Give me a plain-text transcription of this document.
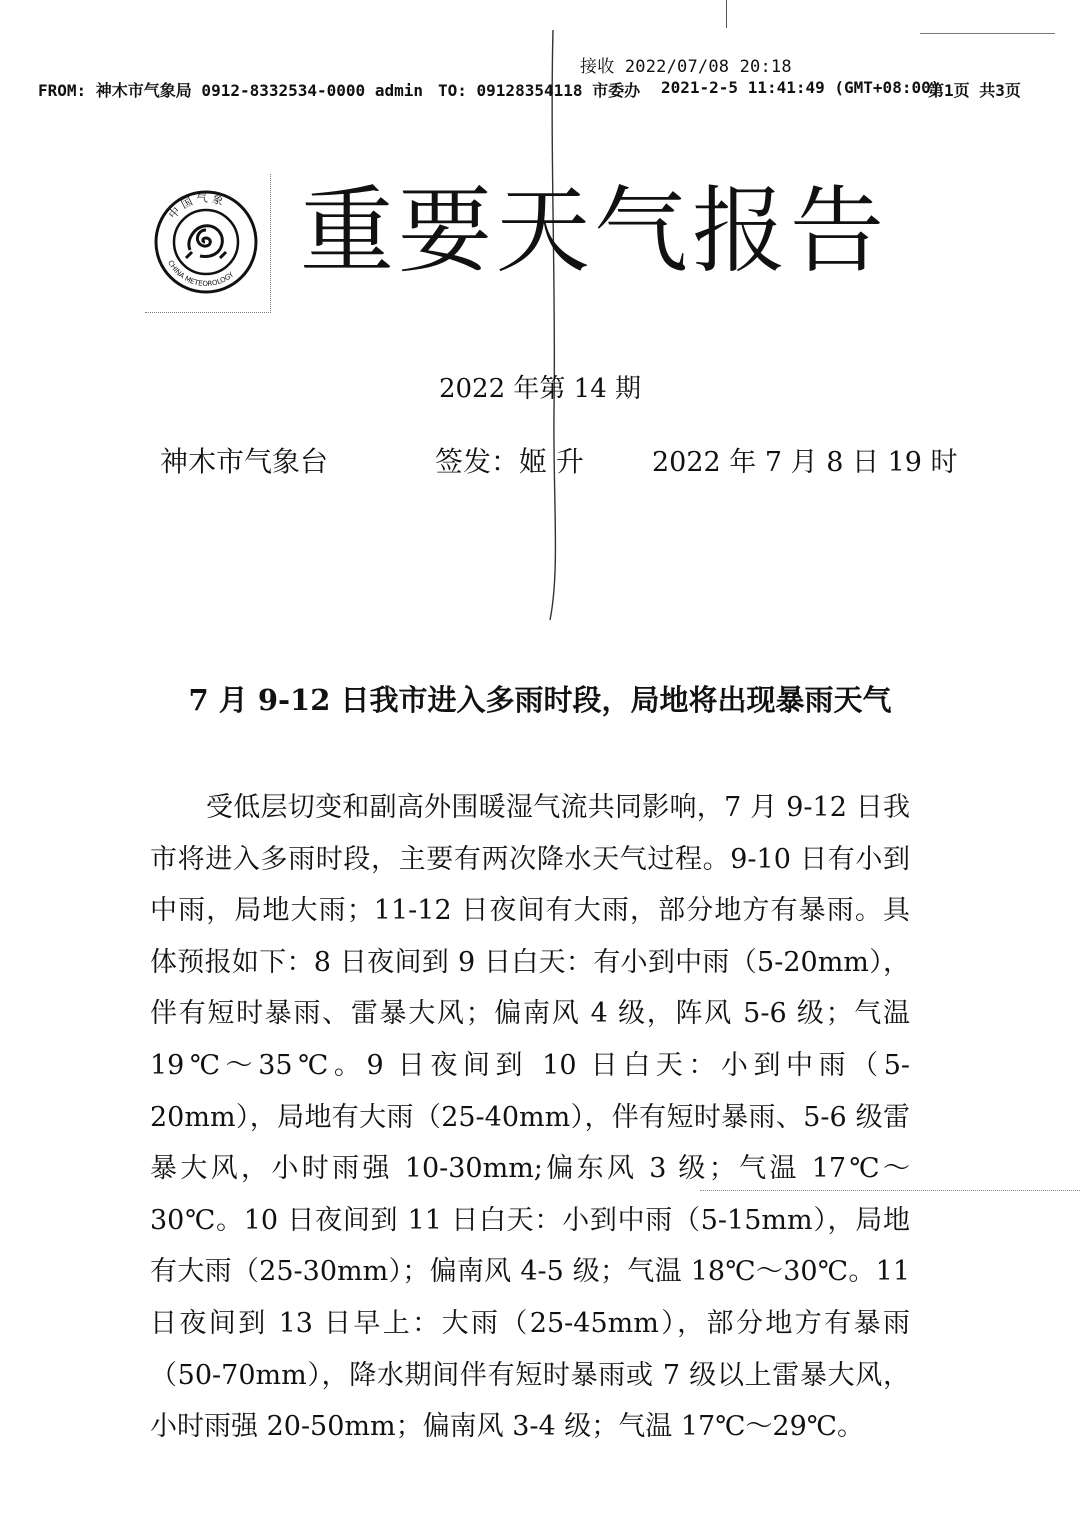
接收 2022/07/08 20:18
FROM: 神木市气象局 0912-8332534-0000 admin TO: 09128354118 市委办 2021-2-5 11:41:49 (GMT+08:00)
第1页 共3页
中 国 气 象
CHINA METEOROLOGY 重要天气报告
2022 年第 14 期
神木市气象台	签发：姬 升	2022 年 7 月 8 日 19 时
7 月 9-12 日我市进入多雨时段，局地将出现暴雨天气

受低层切变和副高外围暖湿气流共同影响，7 月 9-12 日我市将进入多雨时段，主要有两次降水天气过程。9-10 日有小到中雨，局地大雨；11-12 日夜间有大雨，部分地方有暴雨。具体预报如下：8 日夜间到 9 日白天：有小到中雨（5-20mm），伴有短时暴雨、雷暴大风；偏南风 4 级，阵风 5-6 级；气温 19℃～35℃。9 日夜间到 10 日白天：小到中雨（5-20mm），局地有大雨（25-40mm），伴有短时暴雨、5-6 级雷暴大风，小时雨强 10-30mm;偏东风 3 级；气温 17℃～30℃。10 日夜间到 11 日白天：小到中雨（5-15mm），局地有大雨（25-30mm）；偏南风 4-5 级；气温 18℃～30℃。11 日夜间到 13 日早上：大雨（25-45mm），部分地方有暴雨（50-70mm），降水期间伴有短时暴雨或 7 级以上雷暴大风，小时雨强 20-50mm；偏南风 3-4 级；气温 17℃～29℃。
